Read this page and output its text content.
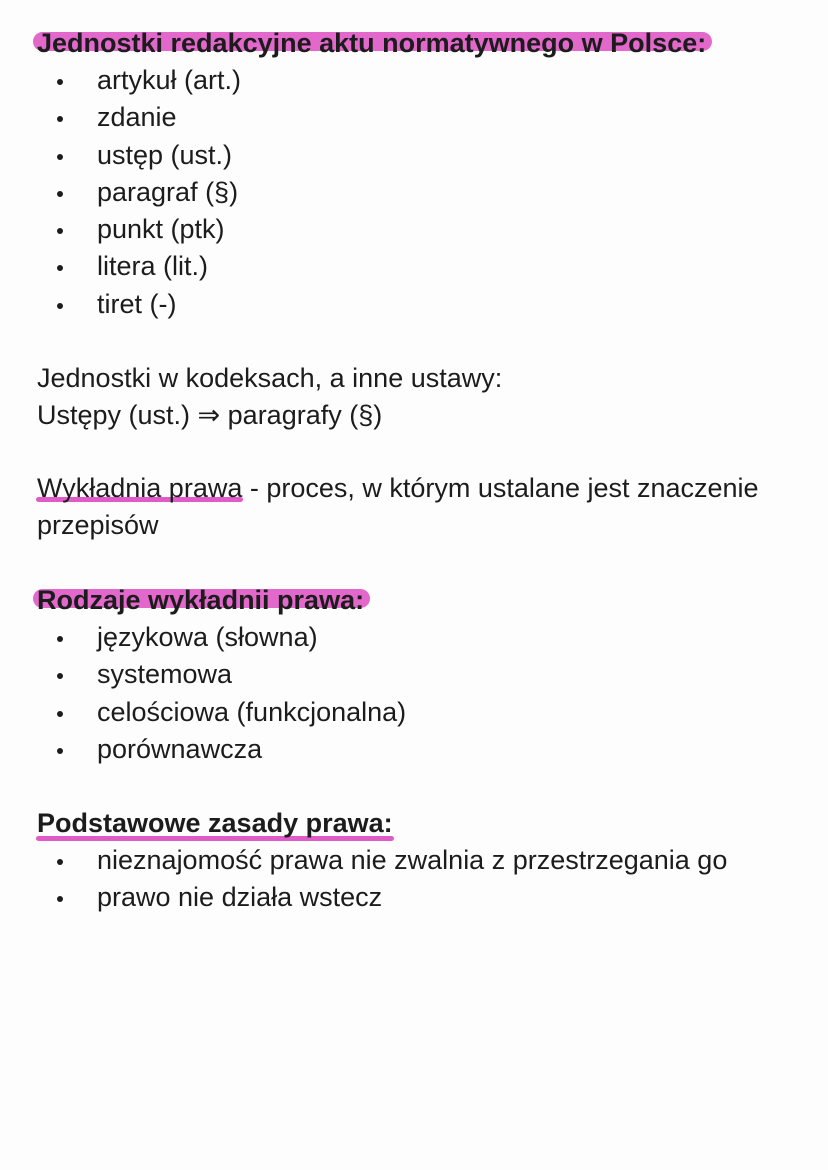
Jednostki redakcyjne aktu normatywnego w Polsce:
artykuł (art.)
zdanie
ustęp (ust.)
paragraf (§)
punkt (ptk)
litera (lit.)
tiret (-)

Jednostki w kodeksach, a inne ustawy:

Ustępy (ust.) ⇒ paragrafy (§)

Wykładnia prawa - proces, w którym ustalane jest znaczenie

przepisów

Rodzaje wykładnii prawa:
językowa (słowna)
systemowa
celościowa (funkcjonalna)
porównawcza
Podstawowe zasady prawa:
nieznajomość prawa nie zwalnia z przestrzegania go
prawo nie działa wstecz
